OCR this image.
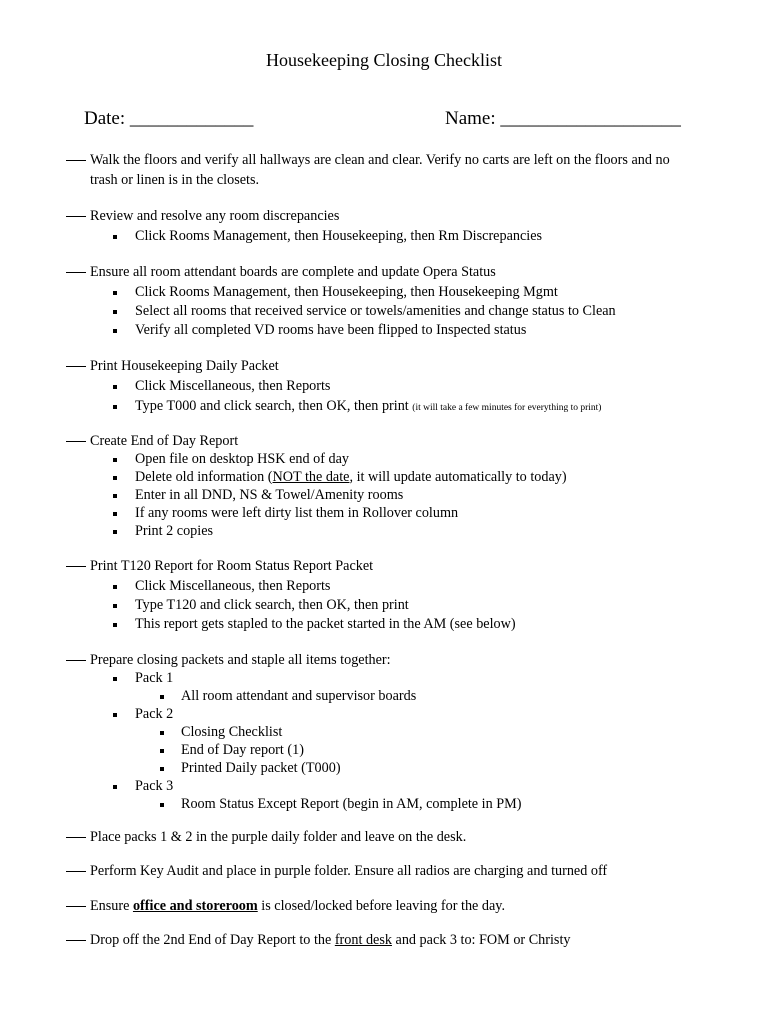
Housekeeping Closing Checklist
Date: _____________	Name: ___________________
Walk the floors and verify all hallways are clean and clear. Verify no carts are left on the floors and no
trash or linen is in the closets.
Review and resolve any room discrepancies
Click Rooms Management, then Housekeeping, then Rm Discrepancies
Ensure all room attendant boards are complete and update Opera Status
Click Rooms Management, then Housekeeping, then Housekeeping Mgmt
Select all rooms that received service or towels/amenities and change status to Clean
Verify all completed VD rooms have been flipped to Inspected status
Print Housekeeping Daily Packet
Click Miscellaneous, then Reports
Type T000 and click search, then OK, then print (it will take a few minutes for everything to print)
Create End of Day Report
Open file on desktop HSK end of day
Delete old information (NOT the date, it will update automatically to today)
Enter in all DND, NS & Towel/Amenity rooms
If any rooms were left dirty list them in Rollover column
Print 2 copies
Print T120 Report for Room Status Report Packet
Click Miscellaneous, then Reports
Type T120 and click search, then OK, then print
This report gets stapled to the packet started in the AM (see below)
Prepare closing packets and staple all items together:
Pack 1
All room attendant and supervisor boards
Pack 2
Closing Checklist
End of Day report (1)
Printed Daily packet (T000)
Pack 3
Room Status Except Report (begin in AM, complete in PM)
Place packs 1 & 2 in the purple daily folder and leave on the desk.
Perform Key Audit and place in purple folder. Ensure all radios are charging and turned off
Ensure office and storeroom is closed/locked before leaving for the day.
Drop off the 2nd End of Day Report to the front desk and pack 3 to: FOM or Christy
